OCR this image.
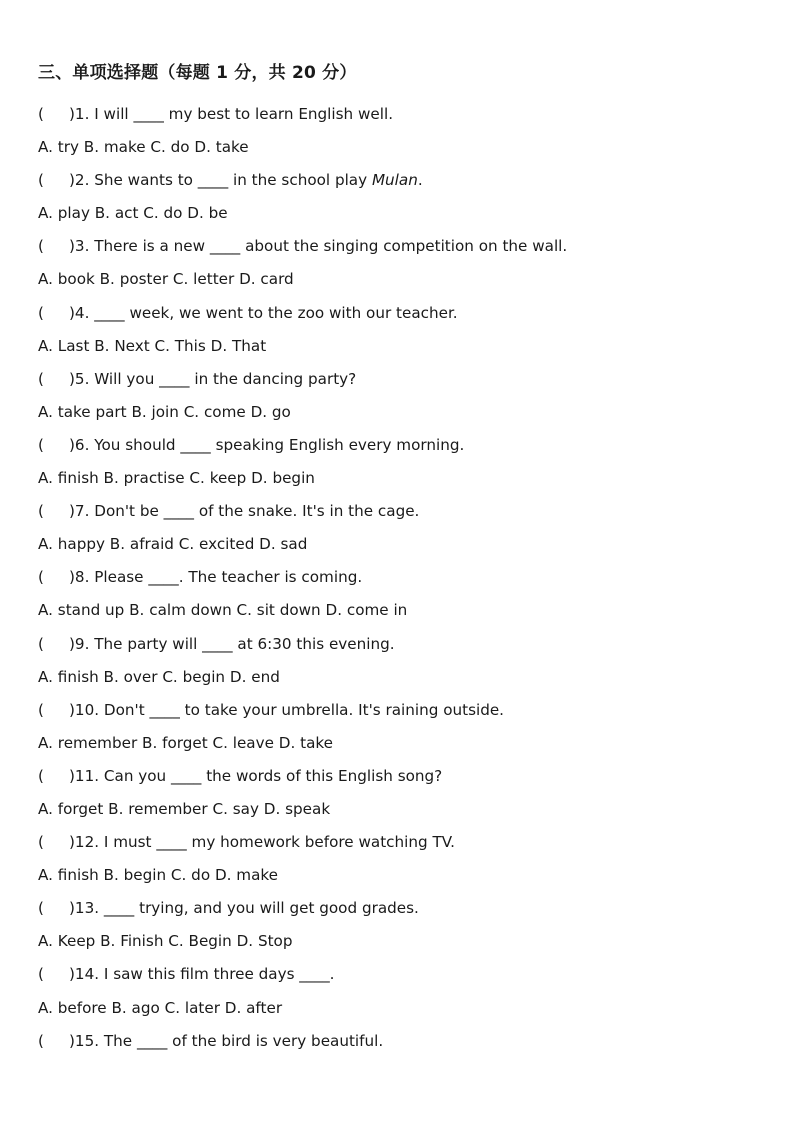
三、单项选择题（每题 1 分，共 20 分）
( )1. I will ____ my best to learn English well.
A. try B. make C. do D. take
( )2. She wants to ____ in the school play Mulan.
A. play B. act C. do D. be
( )3. There is a new ____ about the singing competition on the wall.
A. book B. poster C. letter D. card
( )4. ____ week, we went to the zoo with our teacher.
A. Last B. Next C. This D. That
( )5. Will you ____ in the dancing party?
A. take part B. join C. come D. go
( )6. You should ____ speaking English every morning.
A. finish B. practise C. keep D. begin
( )7. Don't be ____ of the snake. It's in the cage.
A. happy B. afraid C. excited D. sad
( )8. Please ____. The teacher is coming.
A. stand up B. calm down C. sit down D. come in
( )9. The party will ____ at 6:30 this evening.
A. finish B. over C. begin D. end
( )10. Don't ____ to take your umbrella. It's raining outside.
A. remember B. forget C. leave D. take
( )11. Can you ____ the words of this English song?
A. forget B. remember C. say D. speak
( )12. I must ____ my homework before watching TV.
A. finish B. begin C. do D. make
( )13. ____ trying, and you will get good grades.
A. Keep B. Finish C. Begin D. Stop
( )14. I saw this film three days ____.
A. before B. ago C. later D. after
( )15. The ____ of the bird is very beautiful.
